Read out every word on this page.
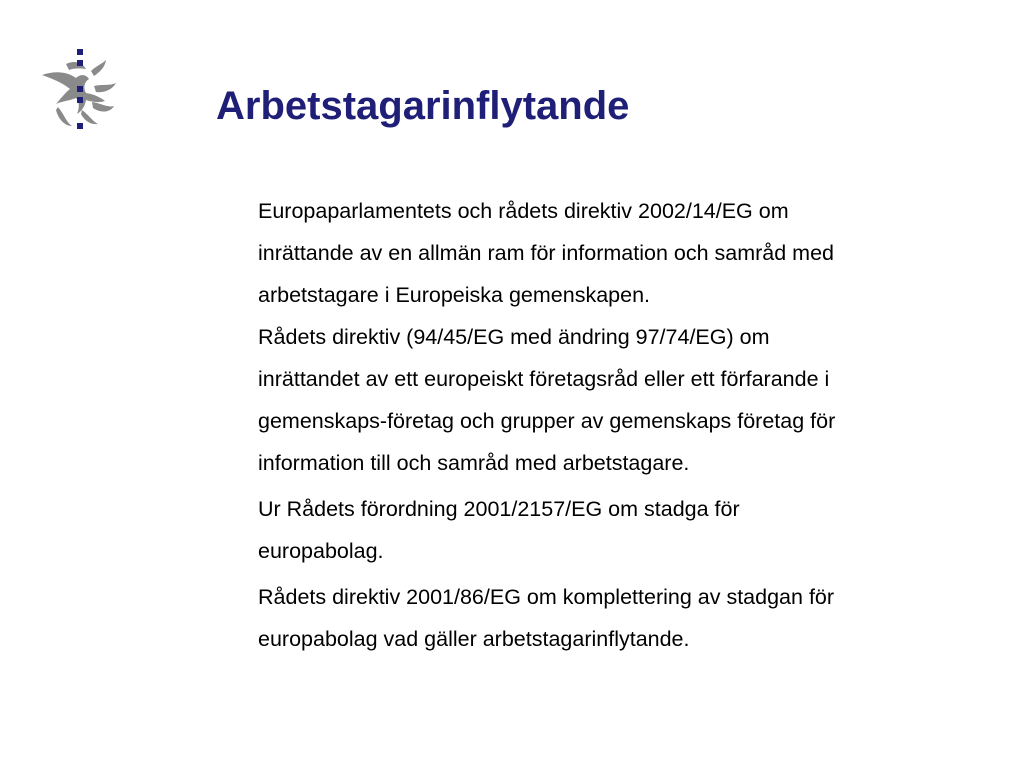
Arbetstagarinflytande

Europaparlamentets och rådets direktiv 2002/14/EG om
inrättande av en allmän ram för information och samråd med
arbetstagare i Europeiska gemenskapen.
Rådets direktiv (94/45/EG med ändring 97/74/EG) om
inrättandet av ett europeiskt företagsråd eller ett förfarande i
gemenskaps-företag och grupper av gemenskaps företag för
information till och samråd med arbetstagare.

Ur Rådets förordning 2001/2157/EG om stadga för
europabolag.

Rådets direktiv 2001/86/EG om komplettering av stadgan för
europabolag vad gäller arbetstagarinflytande.
